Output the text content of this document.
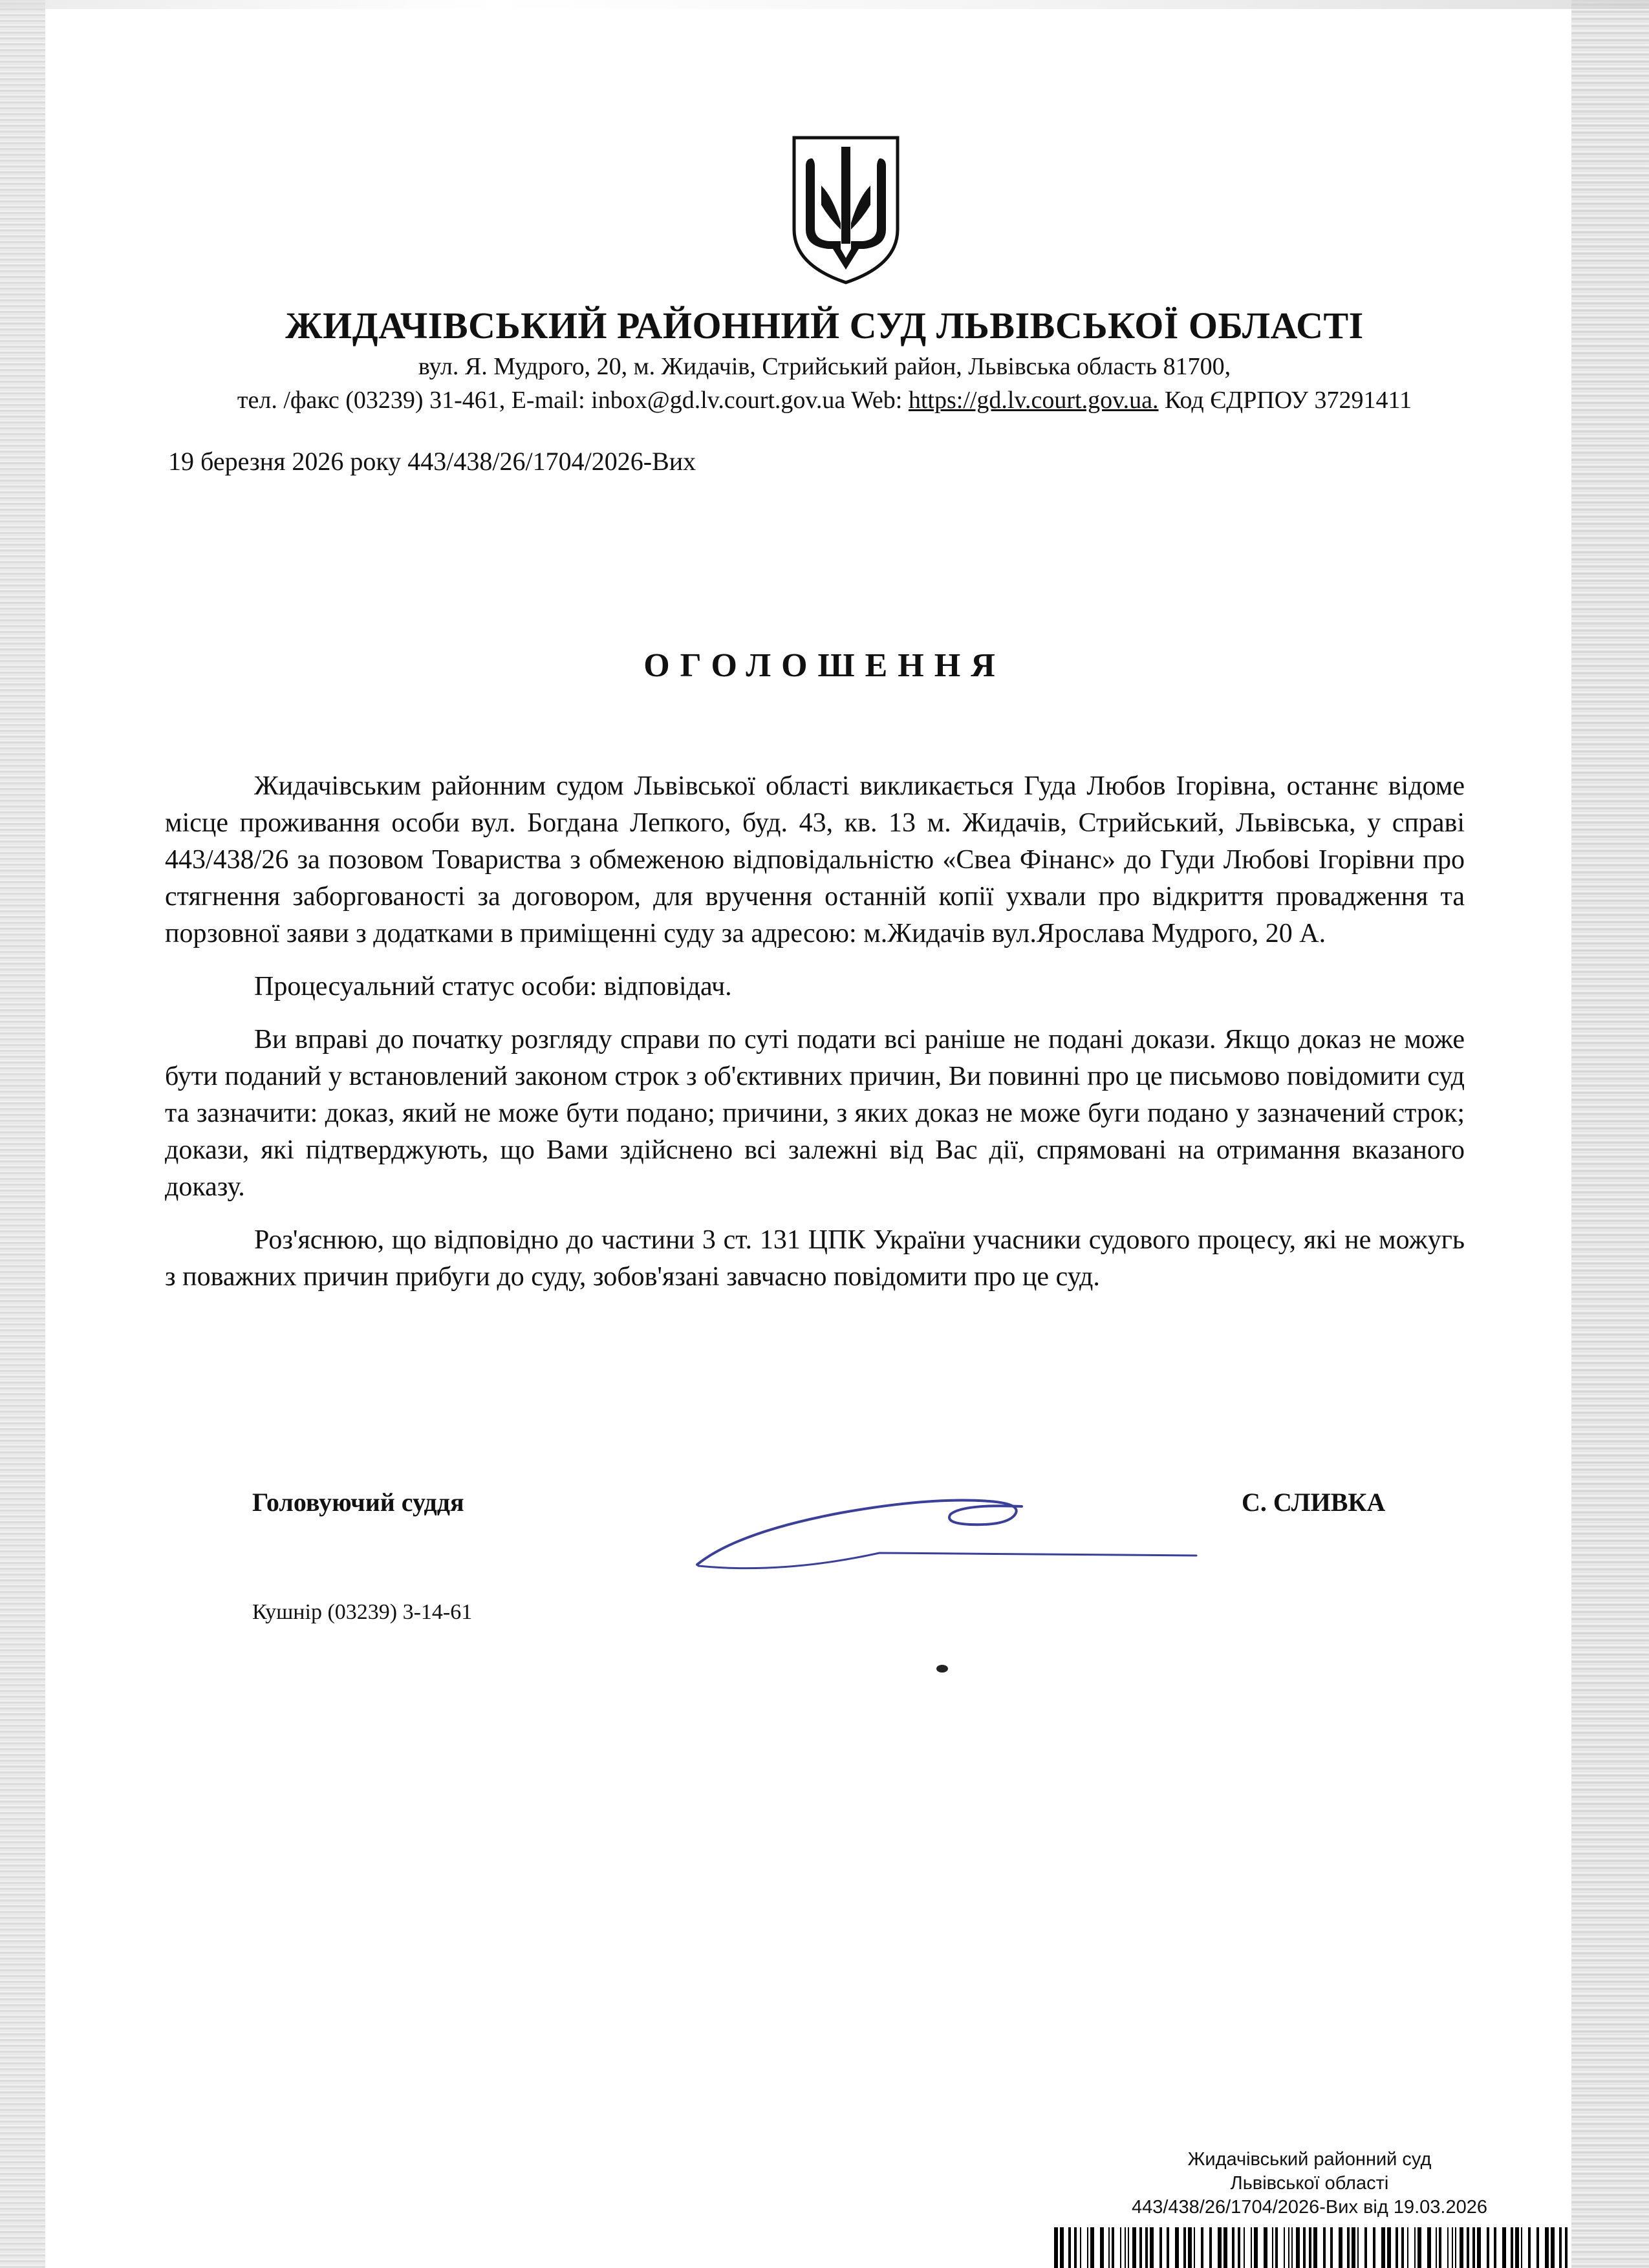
ЖИДАЧІВСЬКИЙ РАЙОННИЙ СУД ЛЬВІВСЬКОЇ ОБЛАСТІ
вул. Я. Мудрого, 20, м. Жидачів, Стрийський район, Львівська область 81700,
тел. /факс (03239) 31-461, E-mail: inbox@gd.lv.court.gov.ua Web: https://gd.lv.court.gov.ua. Код ЄДРПОУ 37291411
19 березня 2026 року 443/438/26/1704/2026-Вих
ОГОЛОШЕННЯ

Жидачівським районним судом Львівської області викликається Гуда Любов Ігорівна, останнє відоме місце проживання особи вул. Богдана Лепкого, буд. 43, кв. 13 м. Жидачів, Стрийський, Львівська, у справі 443/438/26 за позовом Товариства з обмеженою відповідальністю «Свеа Фінанс» до Гуди Любові Ігорівни про стягнення заборгованості за договором, для вручення останній копії ухвали про відкриття провадження та порзовної заяви з додатками в приміщенні суду за адресою: м.Жидачів вул.Ярослава Мудрого, 20 А.

Процесуальний статус особи: відповідач.

Ви вправі до початку розгляду справи по суті подати всі раніше не подані докази. Якщо доказ не може бути поданий у встановлений законом строк з об'єктивних причин, Ви повинні про це письмово повідомити суд та зазначити: доказ, який не може бути подано; причини, з яких доказ не може буги подано у зазначений строк; докази, які підтверджують, що Вами здійснено всі залежні від Вас дії, спрямовані на отримання вказаного доказу.

Роз'яснюю, що відповідно до частини 3 ст. 131 ЦПК України учасники судового процесу, які не можугь з поважних причин прибуги до суду, зобов'язані завчасно повідомити про це суд.

Головуючий суддя	С. СЛИВКА
Кушнір (03239) 3-14-61
Жидачівський районний суд
Львівської області
443/438/26/1704/2026-Вих від 19.03.2026
